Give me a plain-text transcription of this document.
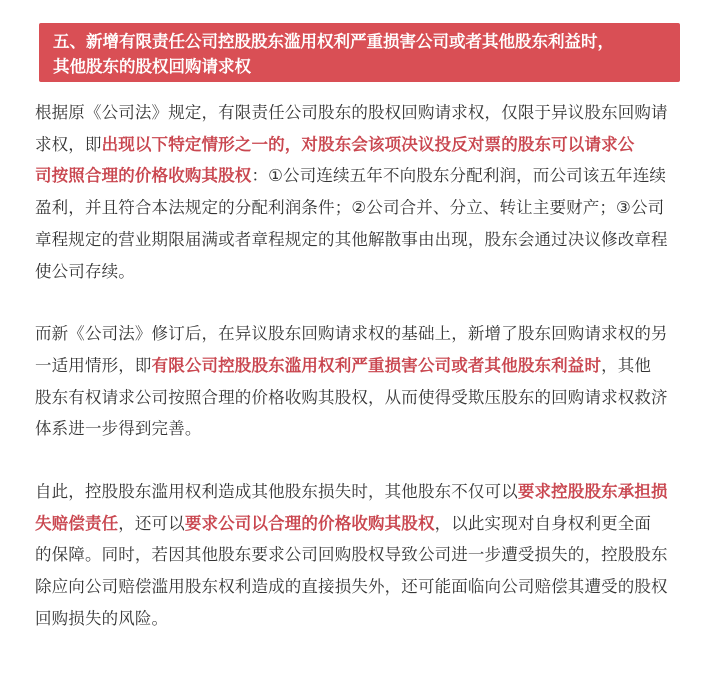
五、新增有限责任公司控股股东滥用权利严重损害公司或者其他股东利益时，

其他股东的股权回购请求权

根据原《公司法》规定，有限责任公司股东的股权回购请求权，仅限于异议股东回购请
求权，即出现以下特定情形之一的，对股东会该项决议投反对票的股东可以请求公
司按照合理的价格收购其股权：①公司连续五年不向股东分配利润，而公司该五年连续
盈利，并且符合本法规定的分配利润条件；②公司合并、分立、转让主要财产；③公司
章程规定的营业期限届满或者章程规定的其他解散事由出现，股东会通过决议修改章程
使公司存续。

而新《公司法》修订后，在异议股东回购请求权的基础上，新增了股东回购请求权的另
一适用情形，即有限公司控股股东滥用权利严重损害公司或者其他股东利益时，其他
股东有权请求公司按照合理的价格收购其股权，从而使得受欺压股东的回购请求权救济
体系进一步得到完善。

自此，控股股东滥用权利造成其他股东损失时，其他股东不仅可以要求控股股东承担损
失赔偿责任，还可以要求公司以合理的价格收购其股权，以此实现对自身权利更全面
的保障。同时，若因其他股东要求公司回购股权导致公司进一步遭受损失的，控股股东
除应向公司赔偿滥用股东权利造成的直接损失外，还可能面临向公司赔偿其遭受的股权
回购损失的风险。
